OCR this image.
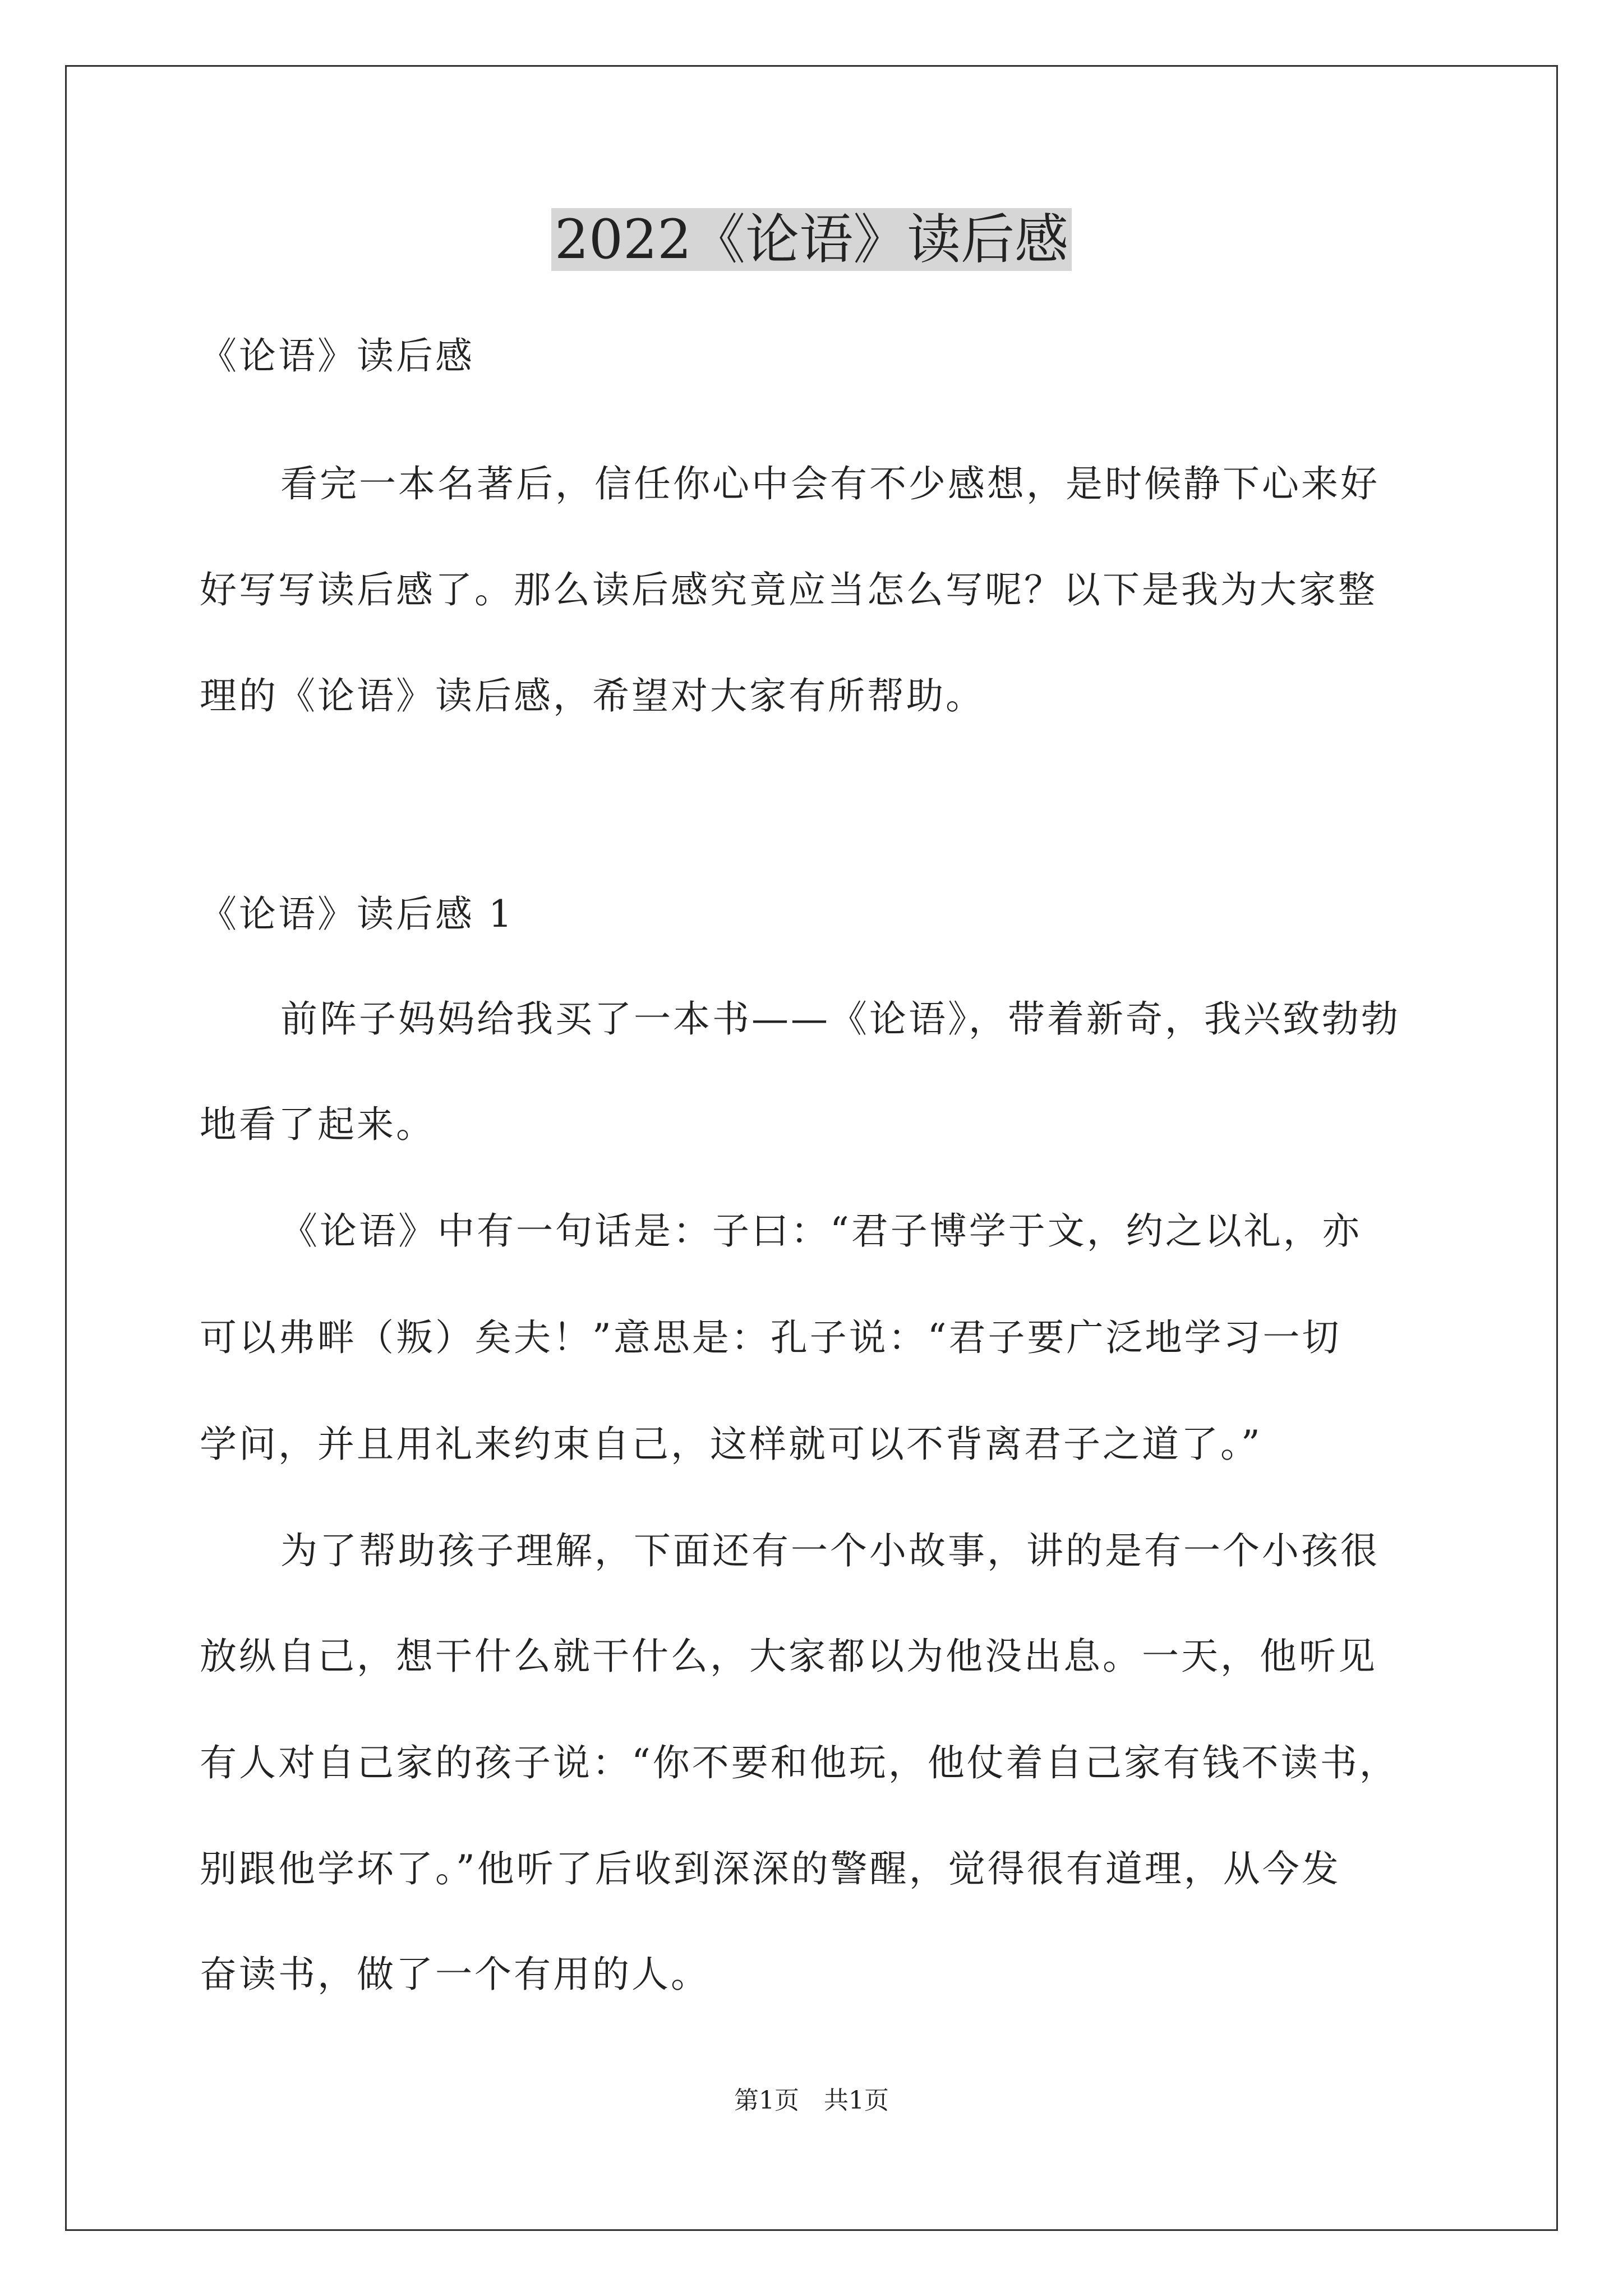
2022《论语》读后感
《论语》读后感
看完一本名著后，信任你心中会有不少感想，是时候静下心来好
好写写读后感了。那么读后感究竟应当怎么写呢？以下是我为大家整
理的《论语》读后感，希望对大家有所帮助。
《论语》读后感 1
前阵子妈妈给我买了一本书——《论语》，带着新奇，我兴致勃勃
地看了起来。
《论语》中有一句话是：子曰：“君子博学于文，约之以礼，亦
可以弗畔（叛）矣夫！”意思是：孔子说：“君子要广泛地学习一切
学问，并且用礼来约束自己，这样就可以不背离君子之道了。”
为了帮助孩子理解，下面还有一个小故事，讲的是有一个小孩很
放纵自己，想干什么就干什么，大家都以为他没出息。一天，他听见
有人对自己家的孩子说：“你不要和他玩，他仗着自己家有钱不读书，
别跟他学坏了。”他听了后收到深深的警醒，觉得很有道理，从今发
奋读书，做了一个有用的人。
第1页　共1页
